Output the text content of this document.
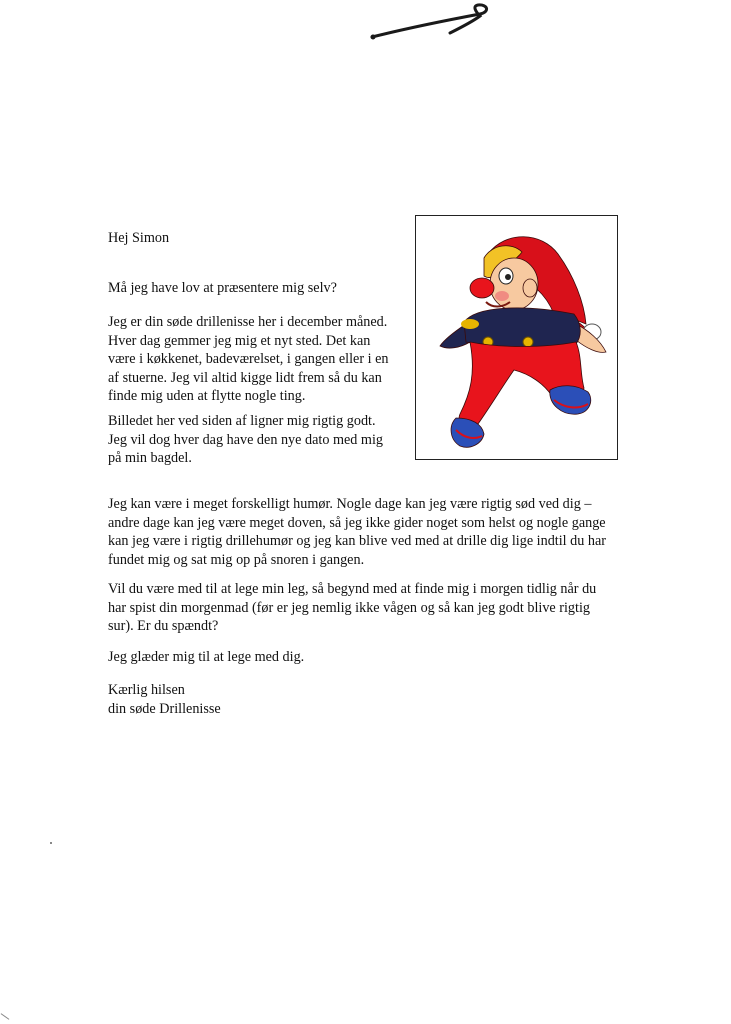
Hej Simon

Må jeg have lov at præsentere mig selv?

Jeg er din søde drillenisse her i december måned.
Hver dag gemmer jeg mig et nyt sted. Det kan
være i køkkenet, badeværelset, i gangen eller i en
af stuerne. Jeg vil altid kigge lidt frem så du kan
finde mig uden at flytte nogle ting.

Billedet her ved siden af ligner mig rigtig godt.
Jeg vil dog hver dag have den nye dato med mig
på min bagdel.

Jeg kan være i meget forskelligt humør. Nogle dage kan jeg være rigtig sød ved dig –
andre dage kan jeg være meget doven, så jeg ikke gider noget som helst og nogle gange
kan jeg være i rigtig drillehumør og jeg kan blive ved med at drille dig lige indtil du har
fundet mig og sat mig op på snoren i gangen.

Vil du være med til at lege min leg, så begynd med at finde mig i morgen tidlig når du
har spist din morgenmad (før er jeg nemlig ikke vågen og så kan jeg godt blive rigtig
sur). Er du spændt?

Jeg glæder mig til at lege med dig.

Kærlig hilsen
din søde Drillenisse
